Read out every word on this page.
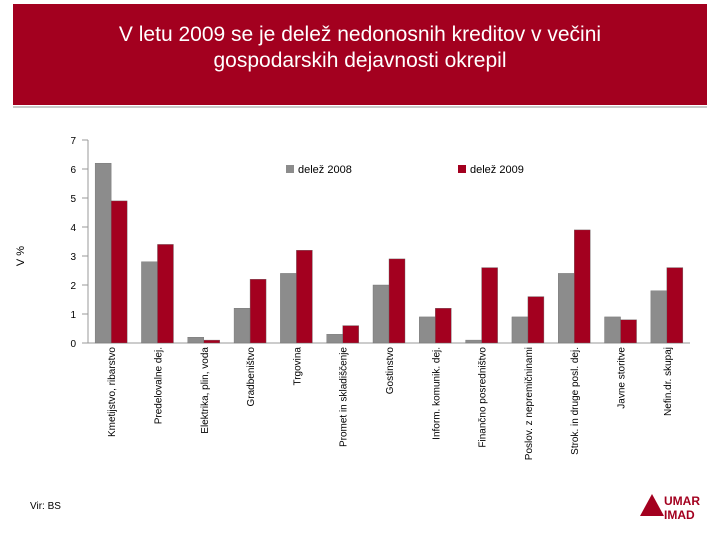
V letu 2009 se je delež nedonosnih kreditov v večini
gospodarskih dejavnosti okrepil
0
1
2
3
4
5
6
7
V %
Kmetijstvo, ribarstvo	Predelovalne dej.	Elektrika, plin, voda	Gradbeništvo	Trgovina	Promet in skladiščenje	Gostinstvo	Inform. komunik. dej.	Finančno posredništvo	Poslov. z nepremičninami	Strok. in druge posl. dej.	Javne storitve	Nefin.dr. skupaj
delež 2008	delež 2009
Vir: BS	UMAR
IMAD
